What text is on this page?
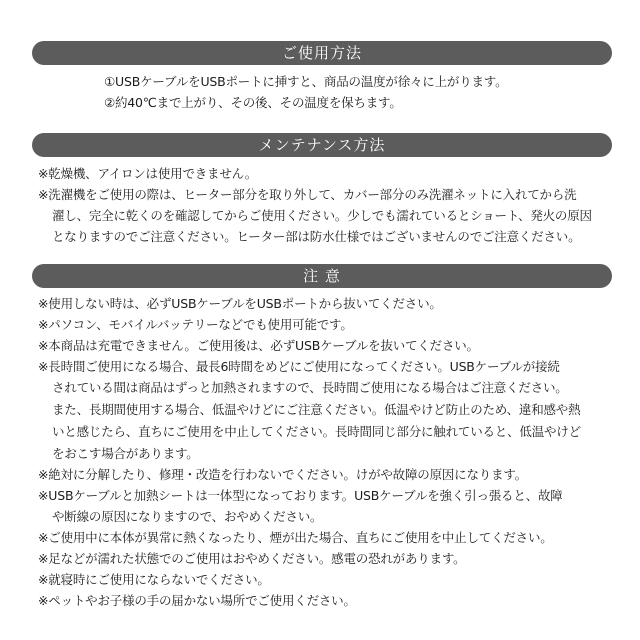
ご使用方法
①USBケーブルをUSBポートに挿すと、商品の温度が徐々に上がります。
②約40℃まで上がり、その後、その温度を保ちます。
メンテナンス方法
※乾燥機、アイロンは使用できません。
※洗濯機をご使用の際は、ヒーター部分を取り外して、カバー部分のみ洗濯ネットに入れてから洗
濯し、完全に乾くのを確認してからご使用ください。少しでも濡れているとショート、発火の原因
となりますのでご注意ください。ヒーター部は防水仕様ではございませんのでご注意ください。
注 意
※使用しない時は、必ずUSBケーブルをUSBポートから抜いてください。
※パソコン、モバイルバッテリーなどでも使用可能です。
※本商品は充電できません。ご使用後は、必ずUSBケーブルを抜いてください。
※長時間ご使用になる場合、最長6時間をめどにご使用になってください。USBケーブルが接続
されている間は商品はずっと加熱されますので、長時間ご使用になる場合はご注意ください。
また、長期間使用する場合、低温やけどにご注意ください。低温やけど防止のため、違和感や熱
いと感じたら、直ちにご使用を中止してください。長時間同じ部分に触れていると、低温やけど
をおこす場合があります。
※絶対に分解したり、修理・改造を行わないでください。けがや故障の原因になります。
※USBケーブルと加熱シートは一体型になっております。USBケーブルを強く引っ張ると、故障
や断線の原因になりますので、おやめください。
※ご使用中に本体が異常に熱くなったり、煙が出た場合、直ちにご使用を中止してください。
※足などが濡れた状態でのご使用はおやめください。感電の恐れがあります。
※就寝時にご使用にならないでください。
※ペットやお子様の手の届かない場所でご使用ください。
